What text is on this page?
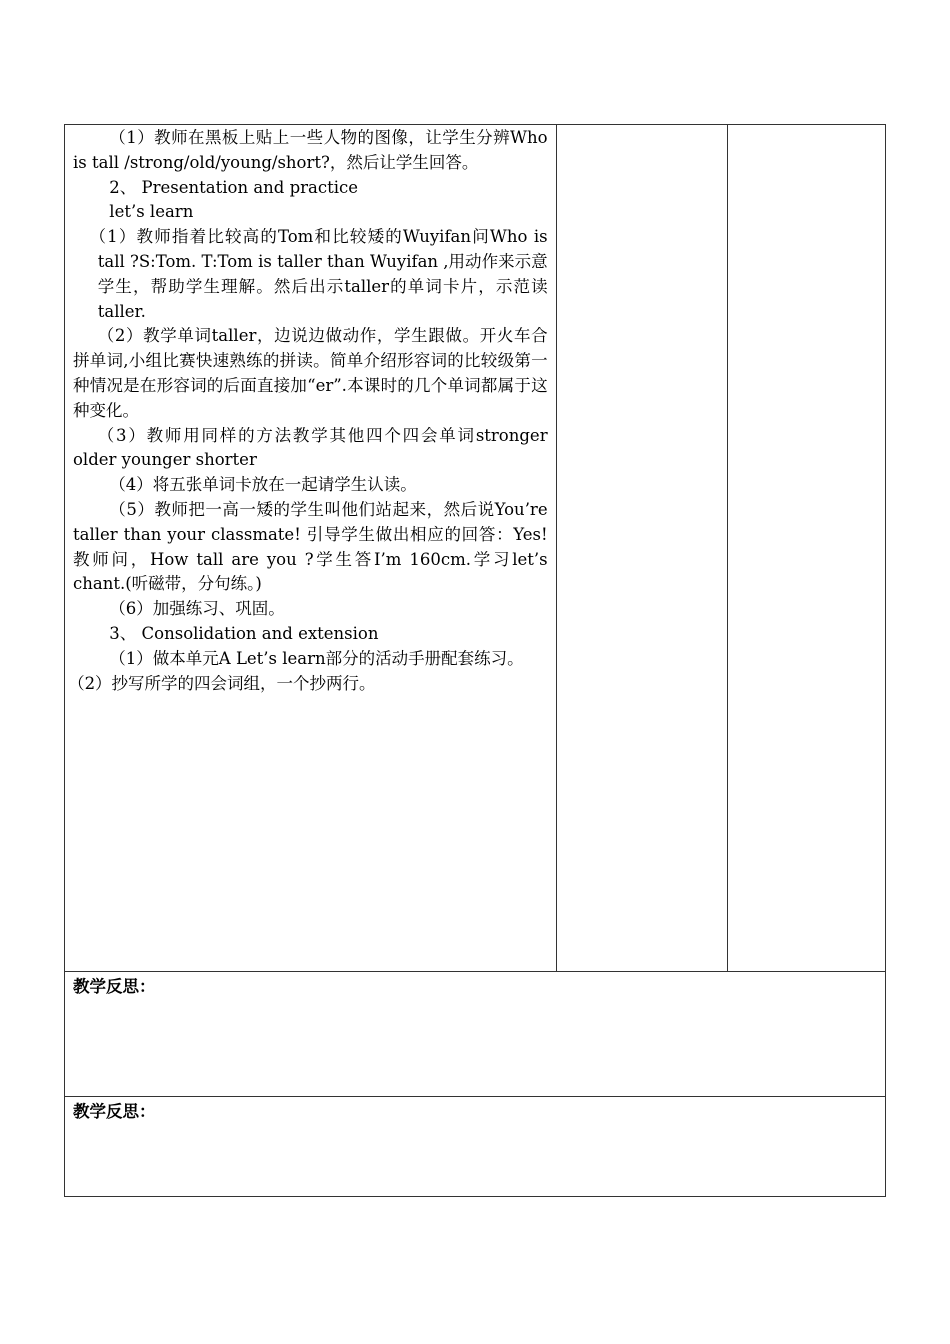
（1）教师在黑板上贴上一些人物的图像，让学生分辨Who is tall /strong/old/young/short?，然后让学生回答。

2、 Presentation and practice

let’s learn

（1）教师指着比较高的Tom和比较矮的Wuyifan问Who is tall ?S:Tom. T:Tom is taller than Wuyifan ,用动作来示意学生，帮助学生理解。然后出示taller的单词卡片，示范读taller.

（2）教学单词taller，边说边做动作，学生跟做。开火车合拼单词,小组比赛快速熟练的拼读。简单介绍形容词的比较级第一种情况是在形容词的后面直接加“er”.本课时的几个单词都属于这种变化。

（3）教师用同样的方法教学其他四个四会单词stronger older younger shorter

（4）将五张单词卡放在一起请学生认读。

（5）教师把一高一矮的学生叫他们站起来，然后说You’re taller than your classmate! 引导学生做出相应的回答：Yes!教师问，How tall are you ?学生答I’m 160cm.学习let’s chant.(听磁带，分句练。)

（6）加强练习、巩固。

3、 Consolidation and extension

（1）做本单元A Let’s learn部分的活动手册配套练习。

（2）抄写所学的四会词组，一个抄两行。

教学反思：

教学反思：
